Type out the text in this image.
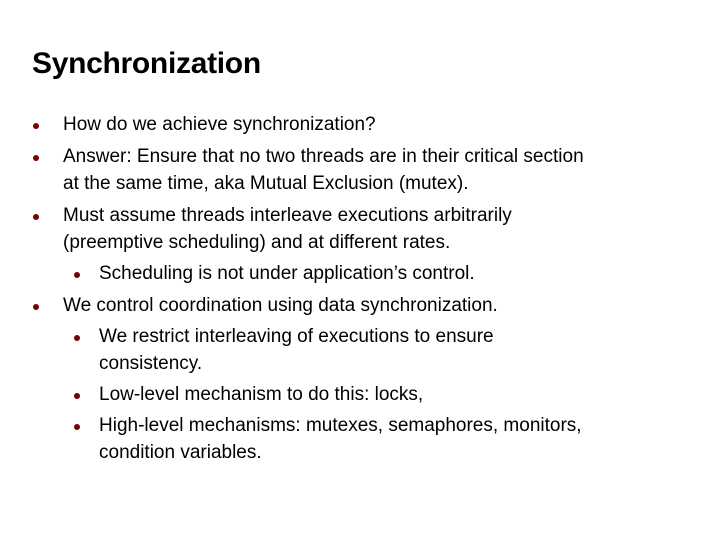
Synchronization
How do we achieve synchronization?
Answer: Ensure that no two threads are in their critical section
at the same time, aka Mutual Exclusion (mutex).
Must assume threads interleave executions arbitrarily
(preemptive scheduling) and at different rates.
Scheduling is not under application’s control.
We control coordination using data synchronization.
We restrict interleaving of executions to ensure
consistency.
Low-level mechanism to do this: locks,
High-level mechanisms: mutexes, semaphores, monitors,
condition variables.
